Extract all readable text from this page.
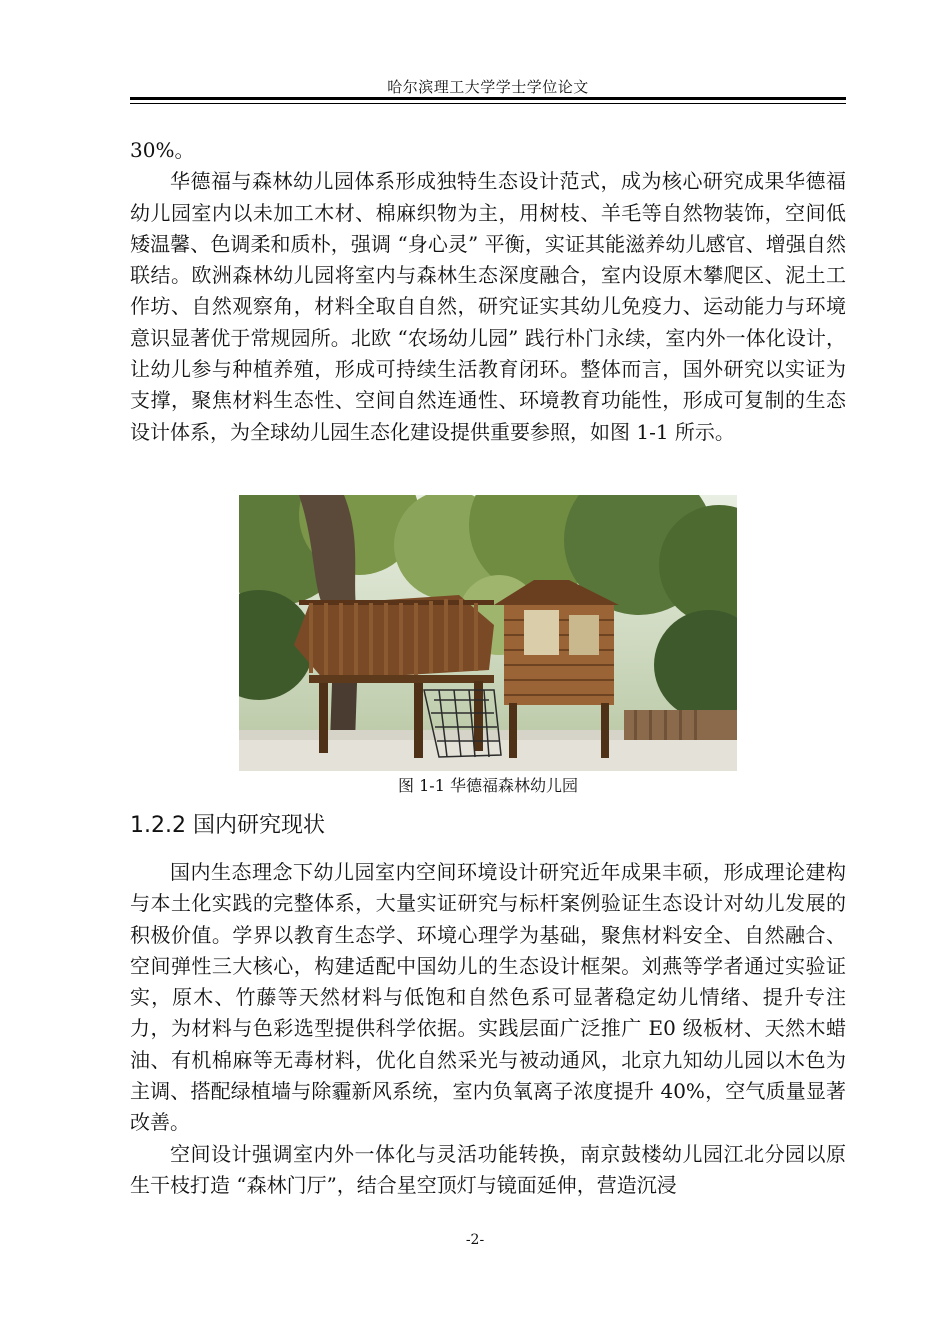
哈尔滨理工大学学士学位论文

30%。

华德福与森林幼儿园体系形成独特生态设计范式，成为核心研究成果华德福幼儿园室内以未加工木材、棉麻织物为主，用树枝、羊毛等自然物装饰，空间低矮温馨、色调柔和质朴，强调 “身心灵” 平衡，实证其能滋养幼儿感官、增强自然联结。欧洲森林幼儿园将室内与森林生态深度融合，室内设原木攀爬区、泥土工作坊、自然观察角，材料全取自自然，研究证实其幼儿免疫力、运动能力与环境意识显著优于常规园所。北欧 “农场幼儿园” 践行朴门永续，室内外一体化设计，让幼儿参与种植养殖，形成可持续生活教育闭环。整体而言，国外研究以实证为支撑，聚焦材料生态性、空间自然连通性、环境教育功能性，形成可复制的生态设计体系，为全球幼儿园生态化建设提供重要参照，如图 1-1 所示。

图 1-1 华德福森林幼儿园
1.2.2 国内研究现状

国内生态理念下幼儿园室内空间环境设计研究近年成果丰硕，形成理论建构与本土化实践的完整体系，大量实证研究与标杆案例验证生态设计对幼儿发展的积极价值。学界以教育生态学、环境心理学为基础，聚焦材料安全、自然融合、空间弹性三大核心，构建适配中国幼儿的生态设计框架。刘燕等学者通过实验证实，原木、竹藤等天然材料与低饱和自然色系可显著稳定幼儿情绪、提升专注力，为材料与色彩选型提供科学依据。实践层面广泛推广 E0 级板材、天然木蜡油、有机棉麻等无毒材料，优化自然采光与被动通风，北京九知幼儿园以木色为主调、搭配绿植墙与除霾新风系统，室内负氧离子浓度提升 40%，空气质量显著改善。

空间设计强调室内外一体化与灵活功能转换，南京鼓楼幼儿园江北分园以原生干枝打造 “森林门厅”，结合星空顶灯与镜面延伸，营造沉浸

-2-
